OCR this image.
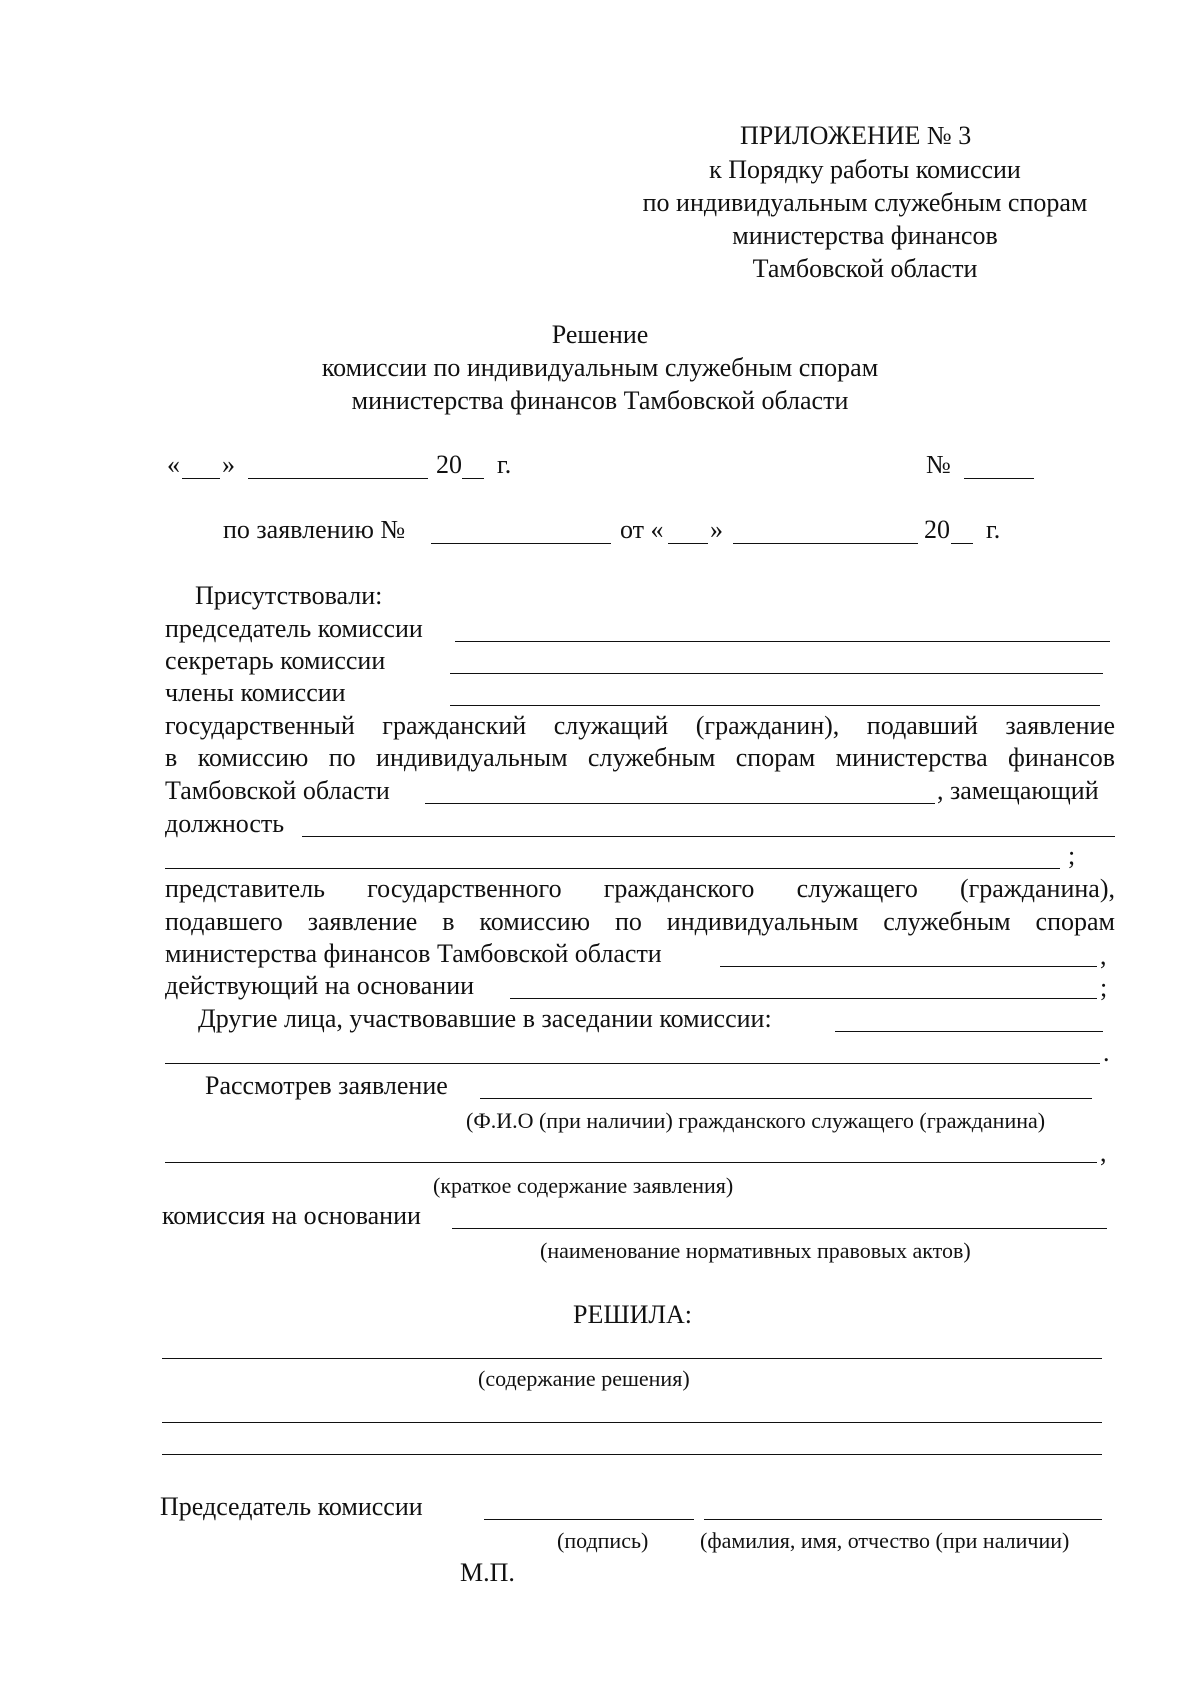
ПРИЛОЖЕНИЕ № 3
к Порядку работы комиссии
по индивидуальным служебным спорам
министерства финансов
Тамбовской области
Решение
комиссии по индивидуальным служебным спорам
министерства финансов Тамбовской области
« »	20 г.	№
по заявлению №	от « »	20 г.
Присутствовали:
председатель комиссии
секретарь комиссии
члены комиссии
государственный гражданский служащий (гражданин), подавший заявление
в комиссию по индивидуальным служебным спорам министерства финансов
Тамбовской области	, замещающий
должность
;
представитель государственного гражданского служащего (гражданина),
подавшего заявление в комиссию по индивидуальным служебным спорам
министерства финансов Тамбовской области	,
действующий на основании	;
Другие лица, участвовавшие в заседании комиссии:
.
Рассмотрев заявление
(Ф.И.О (при наличии) гражданского служащего (гражданина)
,
(краткое содержание заявления)
комиссия на основании
(наименование нормативных правовых актов)
РЕШИЛА:
(содержание решения)
Председатель комиссии
(подпись) (фамилия, имя, отчество (при наличии)
М.П.
